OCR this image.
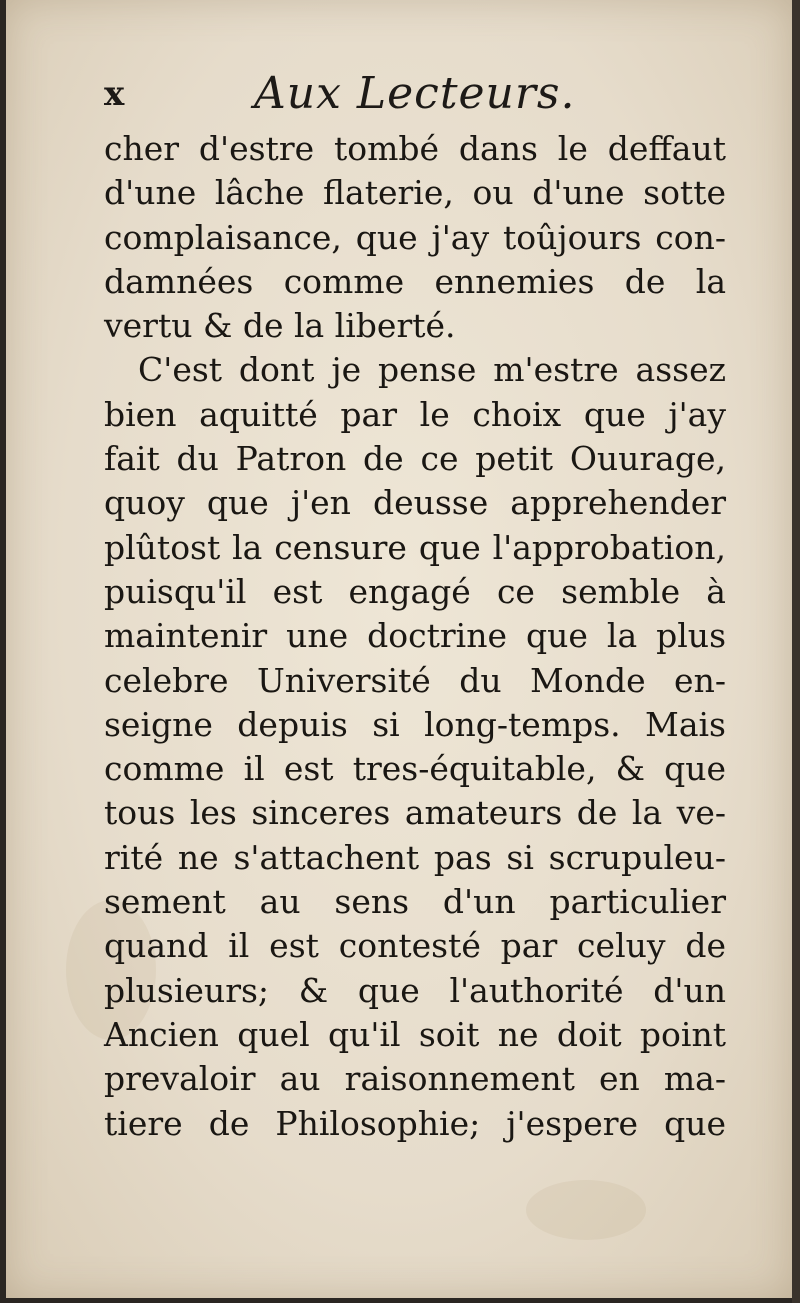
x	Aux Lecteurs.
cher d'estre tombé dans le deffaut
d'une lâche flaterie, ou d'une sotte
complaisance, que j'ay toûjours con-
damnées comme ennemies de la
vertu & de la liberté.
C'est dont je pense m'estre assez
bien aquitté par le choix que j'ay
fait du Patron de ce petit Ouurage,
quoy que j'en deusse apprehender
plûtost la censure que l'approbation,
puisqu'il est engagé ce semble à
maintenir une doctrine que la plus
celebre Université du Monde en-
seigne depuis si long-temps. Mais
comme il est tres-équitable, & que
tous les sinceres amateurs de la ve-
rité ne s'attachent pas si scrupuleu-
sement au sens d'un particulier
quand il est contesté par celuy de
plusieurs; & que l'authorité d'un
Ancien quel qu'il soit ne doit point
prevaloir au raisonnement en ma-
tiere de Philosophie; j'espere que
